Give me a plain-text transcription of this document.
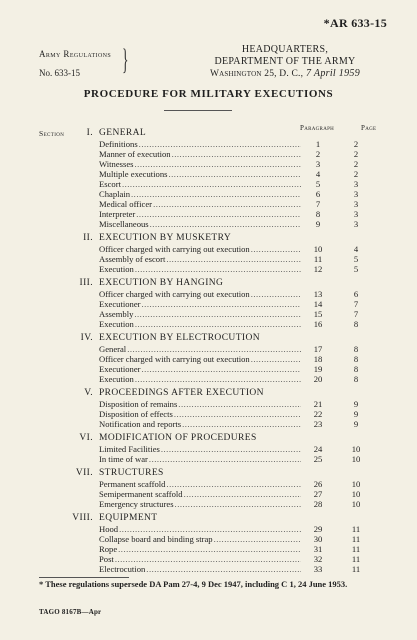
*AR 633-15
Army Regulations
No. 633-15	}	HEADQUARTERS,
DEPARTMENT OF THE ARMY
Washington 25, D. C., 7 April 1959
PROCEDURE FOR MILITARY EXECUTIONS
Paragraph	Page
Section I. GENERAL
Definitions .....	1	2
Manner of execution .....	2	2
Witnesses .....	3	2
Multiple executions .....	4	2
Escort .....	5	3
Chaplain .....	6	3
Medical officer .....	7	3
Interpreter .....	8	3
Miscellaneous .....	9	3
II. EXECUTION BY MUSKETRY
Officer charged with carrying out execution .....	10	4
Assembly of escort .....	11	5
Execution .....	12	5
III. EXECUTION BY HANGING
Officer charged with carrying out execution .....	13	6
Executioner .....	14	7
Assembly .....	15	7
Execution .....	16	8
IV. EXECUTION BY ELECTROCUTION
General .....	17	8
Officer charged with carrying out execution .....	18	8
Executioner .....	19	8
Execution .....	20	8
V. PROCEEDINGS AFTER EXECUTION
Disposition of remains .....	21	9
Disposition of effects .....	22	9
Notification and reports .....	23	9
VI. MODIFICATION OF PROCEDURES
Limited Facilities .....	24	10
In time of war .....	25	10
VII. STRUCTURES
Permanent scaffold .....	26	10
Semipermanent scaffold .....	27	10
Emergency structures .....	28	10
VIII. EQUIPMENT
Hood .....	29	11
Collapse board and binding strap .....	30	11
Rope .....	31	11
Post .....	32	11
Electrocution .....	33	11
* These regulations supersede DA Pam 27-4, 9 Dec 1947, including C 1, 24 June 1953.
TAGO 8167B—Apr
